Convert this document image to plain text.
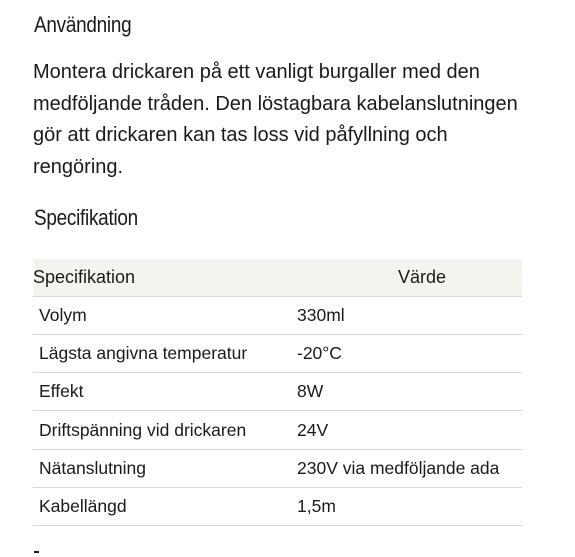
Användning

Montera drickaren på ett vanligt burgaller med den medföljande tråden. Den löstagbara kabelanslutningen gör att drickaren kan tas loss vid påfyllning och rengöring.

Specifikation
Specifikation	Värde
Volym	330ml
Lägsta angivna temperatur	-20°C
Effekt	8W
Driftspänning vid drickaren	24V
Nätanslutning	230V via medföljande ada
Kabellängd	1,5m
